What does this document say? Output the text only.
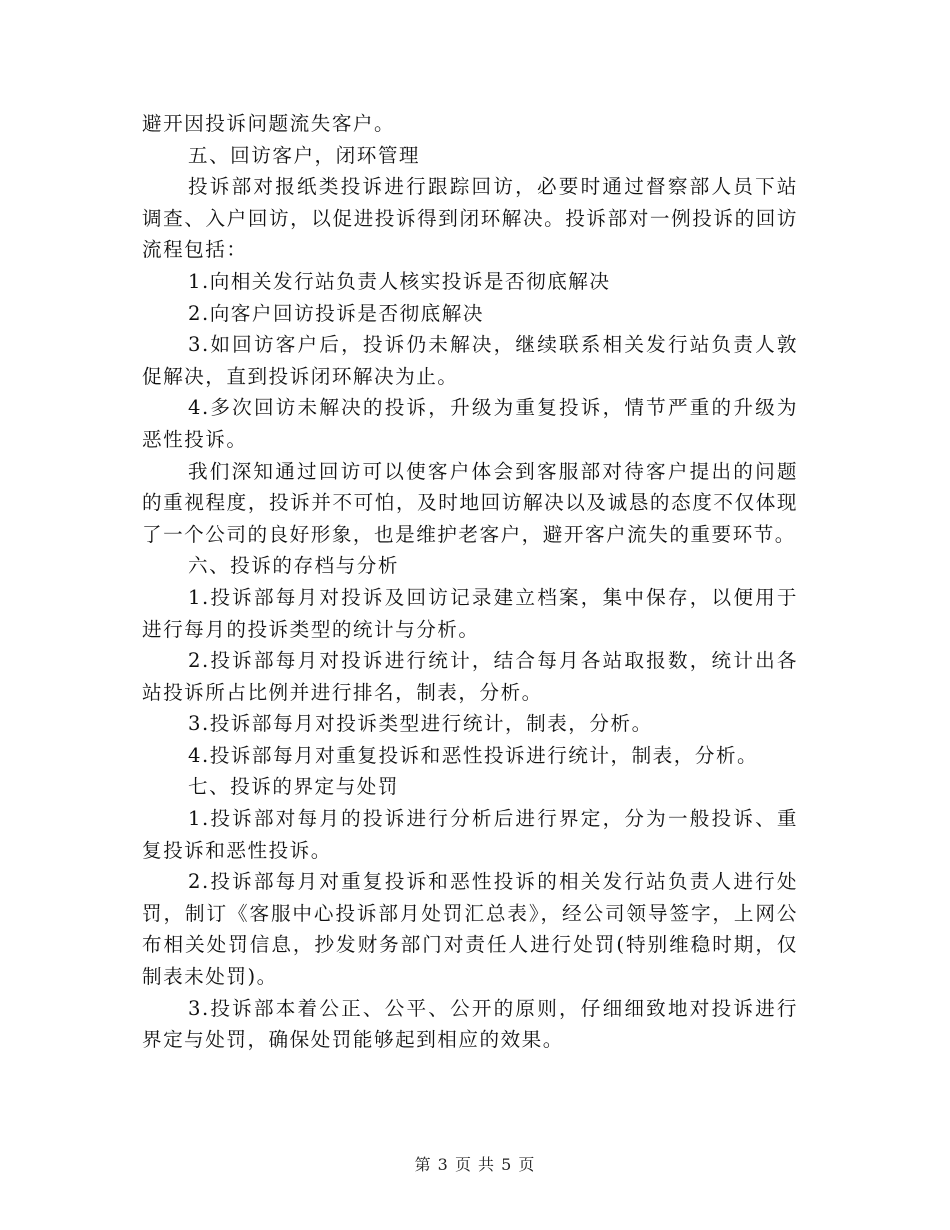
避开因投诉问题流失客户。

五、回访客户，闭环管理

投诉部对报纸类投诉进行跟踪回访，必要时通过督察部人员下站调查、入户回访，以促进投诉得到闭环解决。投诉部对一例投诉的回访流程包括：

1.向相关发行站负责人核实投诉是否彻底解决

2.向客户回访投诉是否彻底解决

3.如回访客户后，投诉仍未解决，继续联系相关发行站负责人敦促解决，直到投诉闭环解决为止。

4.多次回访未解决的投诉，升级为重复投诉，情节严重的升级为恶性投诉。

我们深知通过回访可以使客户体会到客服部对待客户提出的问题的重视程度，投诉并不可怕，及时地回访解决以及诚恳的态度不仅体现了一个公司的良好形象，也是维护老客户，避开客户流失的重要环节。

六、投诉的存档与分析

1.投诉部每月对投诉及回访记录建立档案，集中保存，以便用于进行每月的投诉类型的统计与分析。

2.投诉部每月对投诉进行统计，结合每月各站取报数，统计出各站投诉所占比例并进行排名，制表，分析。

3.投诉部每月对投诉类型进行统计，制表，分析。

4.投诉部每月对重复投诉和恶性投诉进行统计，制表，分析。

七、投诉的界定与处罚

1.投诉部对每月的投诉进行分析后进行界定，分为一般投诉、重复投诉和恶性投诉。

2.投诉部每月对重复投诉和恶性投诉的相关发行站负责人进行处罚，制订《客服中心投诉部月处罚汇总表》，经公司领导签字，上网公布相关处罚信息，抄发财务部门对责任人进行处罚(特别维稳时期，仅制表未处罚)。

3.投诉部本着公正、公平、公开的原则，仔细细致地对投诉进行界定与处罚，确保处罚能够起到相应的效果。

第 3 页 共 5 页
